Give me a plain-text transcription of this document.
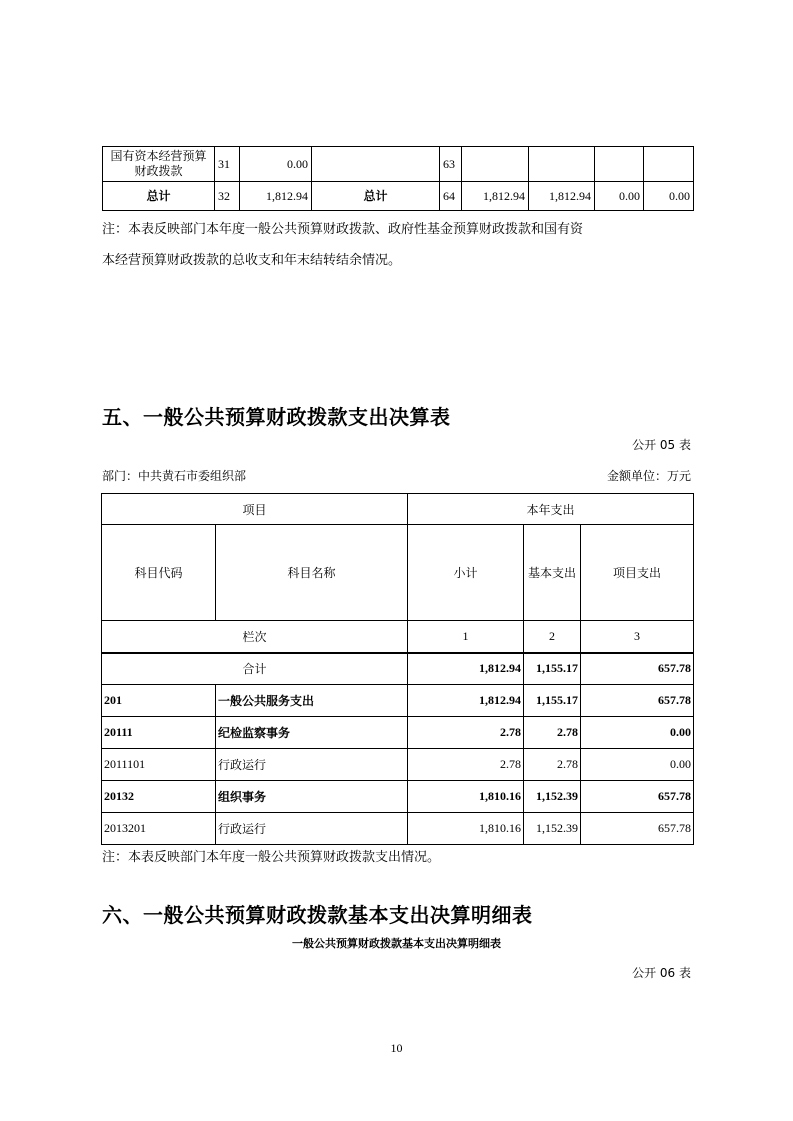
国有资本经营预算财政拨款	31	0.00		63				
总计	32	1,812.94	总计	64	1,812.94	1,812.94	0.00	0.00
注：本表反映部门本年度一般公共预算财政拨款、政府性基金预算财政拨款和国有资
本经营预算财政拨款的总收支和年末结转结余情况。
五、一般公共预算财政拨款支出决算表
公开 05 表
部门：中共黄石市委组织部	金额单位：万元
项目		本年支出		
科目代码	科目名称	小计	基本支出	项目支出
栏次		1	2	3
合计		1,812.94	1,155.17	657.78
201	一般公共服务支出	1,812.94	1,155.17	657.78
20111	纪检监察事务	2.78	2.78	0.00
2011101	行政运行	2.78	2.78	0.00
20132	组织事务	1,810.16	1,152.39	657.78
2013201	行政运行	1,810.16	1,152.39	657.78
注：本表反映部门本年度一般公共预算财政拨款支出情况。
六、一般公共预算财政拨款基本支出决算明细表
一般公共预算财政拨款基本支出决算明细表
公开 06 表
10
